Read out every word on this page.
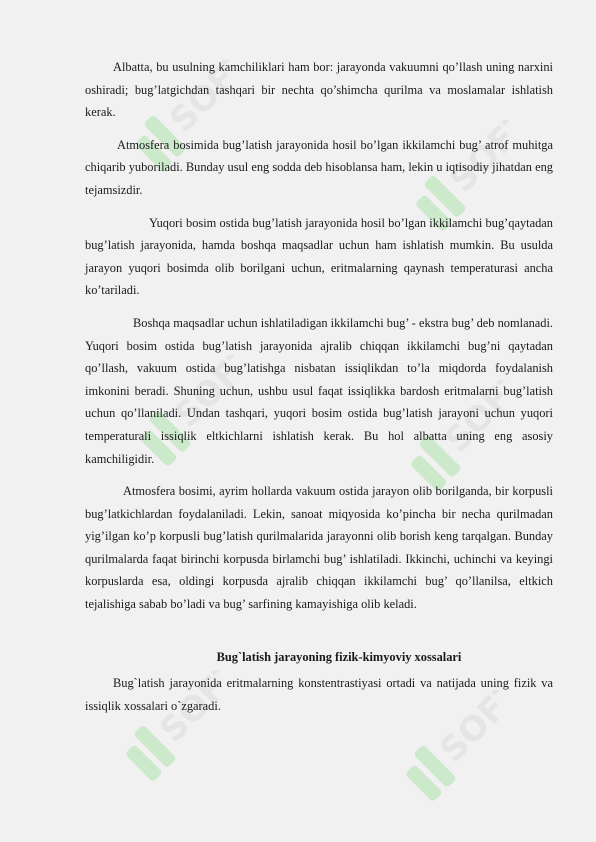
SOFT
SOFT
SOFT	SOFT
SOFT	SOFT

Albatta, bu usulning kamchiliklari ham bor: jarayonda vakuumni qo’llash uning narxini oshiradi; bug’latgichdan tashqari bir nechta qo’shimcha qurilma va moslamalar ishlatish kerak.

Atmosfera bosimida bug’latish jarayonida hosil bo’lgan ikkilamchi bug’ atrof muhitga chiqarib yuboriladi. Bunday usul eng sodda deb hisoblansa ham, lekin u iqtisodiy jihatdan eng tejamsizdir.

Yuqori bosim ostida bug’latish jarayonida hosil bo’lgan ikkilamchi bug’qaytadan bug’latish jarayonida, hamda boshqa maqsadlar uchun ham ishlatish mumkin. Bu usulda jarayon yuqori bosimda olib borilgani uchun, eritmalarning qaynash temperaturasi ancha ko’tariladi.

Boshqa maqsadlar uchun ishlatiladigan ikkilamchi bug’ - ekstra bug’ deb nomlanadi. Yuqori bosim ostida bug’latish jarayonida ajralib chiqqan ikkilamchi bug’ni qaytadan qo’llash, vakuum ostida bug’latishga nisbatan issiqlikdan to’la miqdorda foydalanish imkonini beradi. Shuning uchun, ushbu usul faqat issiqlikka bardosh eritmalarni bug’latish uchun qo’llaniladi. Undan tashqari, yuqori bosim ostida bug’latish jarayoni uchun yuqori temperaturali issiqlik eltkichlarni ishlatish kerak. Bu hol albatta uning eng asosiy kamchiligidir.

Atmosfera bosimi, ayrim hollarda vakuum ostida jarayon olib borilganda, bir korpusli bug’latkichlardan foydalaniladi. Lekin, sanoat miqyosida ko’pincha bir necha qurilmadan yig’ilgan ko’p korpusli bug’latish qurilmalarida jarayonni olib borish keng tarqalgan. Bunday qurilmalarda faqat birinchi korpusda birlamchi bug’ ishlatiladi. Ikkinchi, uchinchi va keyingi korpuslarda esa, oldingi korpusda ajralib chiqqan ikkilamchi bug’ qo’llanilsa, eltkich tejalishiga sabab bo’ladi va bug’ sarfining kamayishiga olib keladi.

Bug`latish jarayoning fizik-kimyoviy xossalari

Bug`latish jarayonida eritmalarning konstentrastiyasi ortadi va natijada uning fizik va issiqlik xossalari o`zgaradi.
